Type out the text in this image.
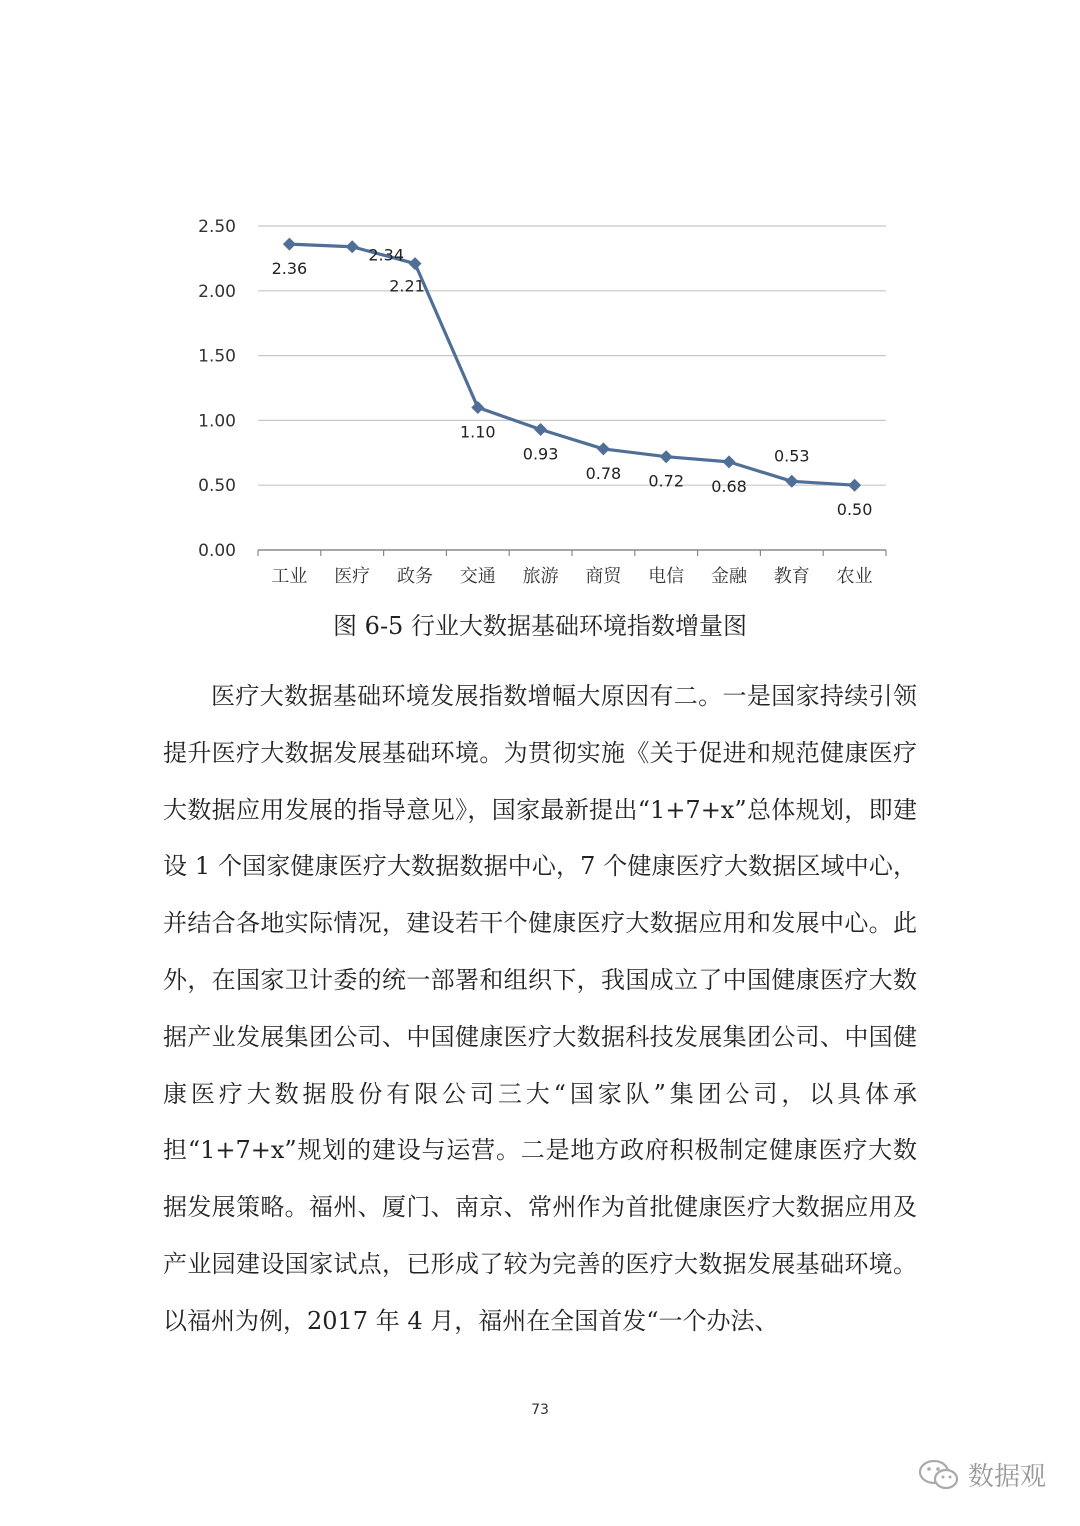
0.00
0.50
1.00
1.50
2.00
2.50
工业 医疗 政务 交通 旅游 商贸 电信 金融 教育 农业
2.36
2.34
2.21
1.10
0.93
0.78 0.72 0.68
0.53
0.50
图 6-5 行业大数据基础环境指数增量图

医疗大数据基础环境发展指数增幅大原因有二。一是国家持续引领提升医疗大数据发展基础环境。为贯彻实施《关于促进和规范健康医疗大数据应用发展的指导意见》，国家最新提出“1+7+x”总体规划，即建设 1 个国家健康医疗大数据数据中心，7 个健康医疗大数据区域中心，并结合各地实际情况，建设若干个健康医疗大数据应用和发展中心。此外，在国家卫计委的统一部署和组织下，我国成立了中国健康医疗大数据产业发展集团公司、中国健康医疗大数据科技发展集团公司、中国健康医疗大数据股份有限公司三大“国家队”集团公司，以具体承担“1+7+x”规划的建设与运营。二是地方政府积极制定健康医疗大数据发展策略。福州、厦门、南京、常州作为首批健康医疗大数据应用及产业园建设国家试点，已形成了较为完善的医疗大数据发展基础环境。以福州为例，2017 年 4 月，福州在全国首发“一个办法、

73
数据观
